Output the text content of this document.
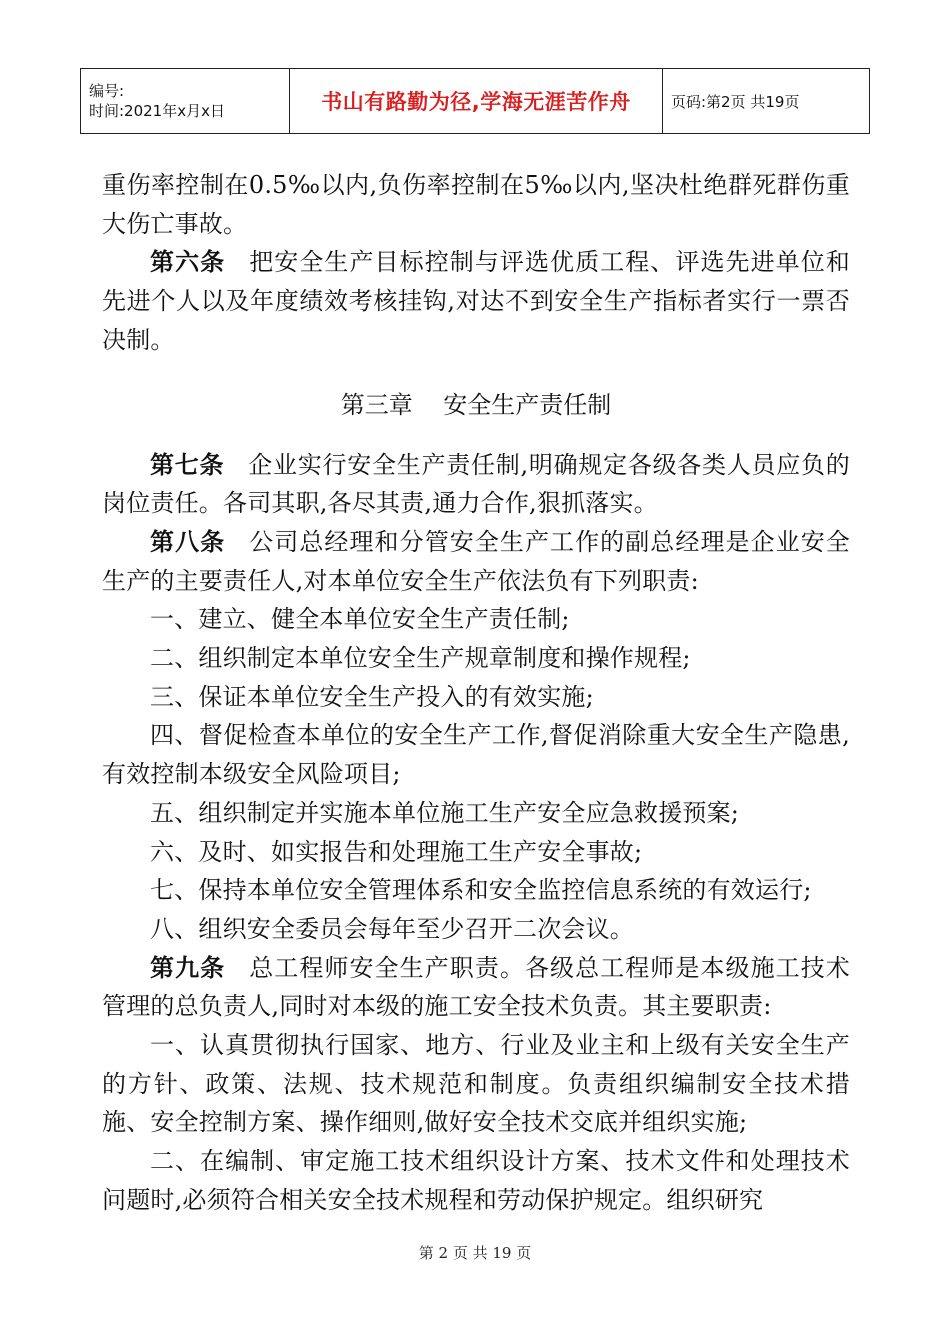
编号:
时间:2021年x月x日	书山有路勤为径,学海无涯苦作舟	页码:第2页 共19页

重伤率控制在0.5‰以内,负伤率控制在5‰以内,坚决杜绝群死群伤重大伤亡事故。

第六条 把安全生产目标控制与评选优质工程、评选先进单位和先进个人以及年度绩效考核挂钩,对达不到安全生产指标者实行一票否决制。

第三章    安全生产责任制

第七条 企业实行安全生产责任制,明确规定各级各类人员应负的岗位责任。各司其职,各尽其责,通力合作,狠抓落实。

第八条 公司总经理和分管安全生产工作的副总经理是企业安全生产的主要责任人,对本单位安全生产依法负有下列职责:

一、建立、健全本单位安全生产责任制;

二、组织制定本单位安全生产规章制度和操作规程;

三、保证本单位安全生产投入的有效实施;

四、督促检查本单位的安全生产工作,督促消除重大安全生产隐患,有效控制本级安全风险项目;

五、组织制定并实施本单位施工生产安全应急救援预案;

六、及时、如实报告和处理施工生产安全事故;

七、保持本单位安全管理体系和安全监控信息系统的有效运行;

八、组织安全委员会每年至少召开二次会议。

第九条 总工程师安全生产职责。各级总工程师是本级施工技术管理的总负责人,同时对本级的施工安全技术负责。其主要职责:

一、认真贯彻执行国家、地方、行业及业主和上级有关安全生产的方针、政策、法规、技术规范和制度。负责组织编制安全技术措施、安全控制方案、操作细则,做好安全技术交底并组织实施;

二、在编制、审定施工技术组织设计方案、技术文件和处理技术问题时,必须符合相关安全技术规程和劳动保护规定。组织研究

第 2 页 共 19 页
